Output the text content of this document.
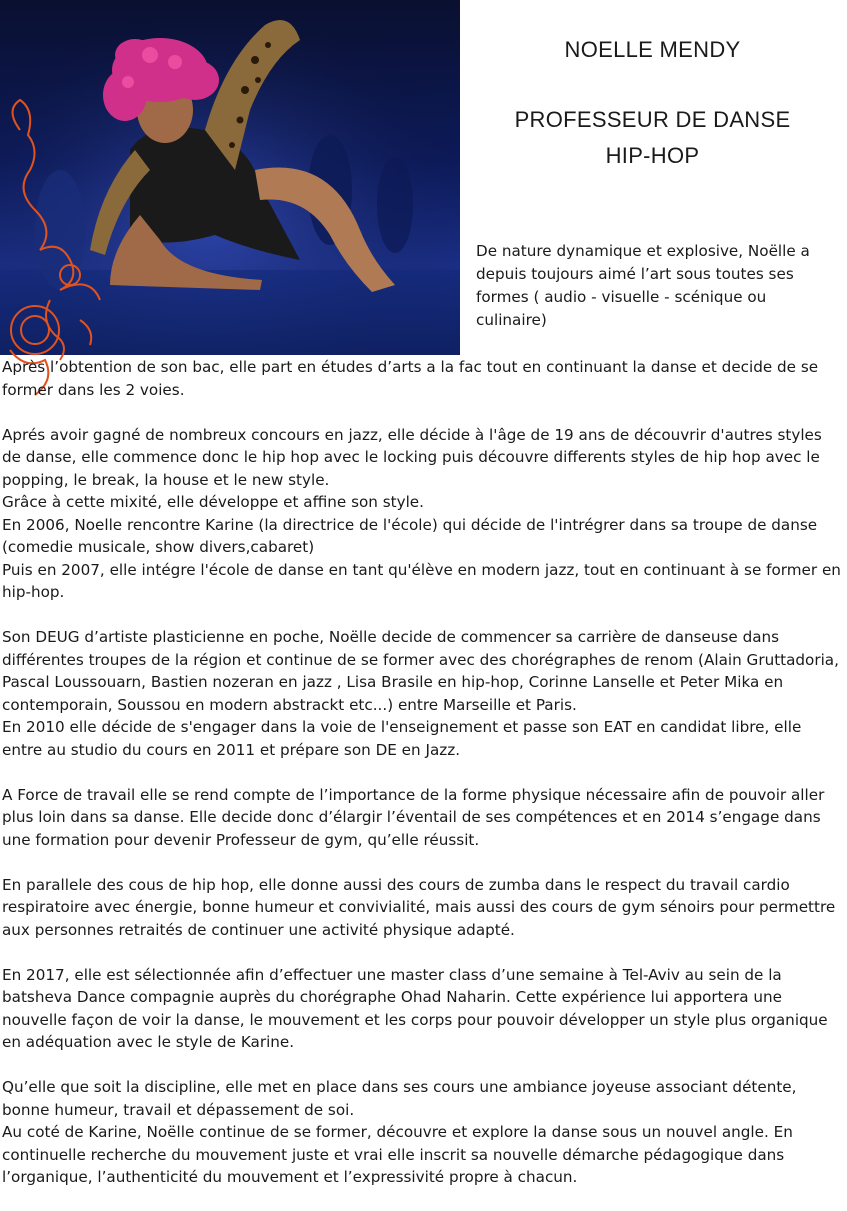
NOELLE MENDY
PROFESSEUR DE DANSE
HIP-HOP

De nature dynamique et explosive, Noëlle a depuis toujours aimé l’art sous toutes ses formes ( audio - visuelle - scénique ou culinaire)

Après l’obtention de son bac, elle part en études d’arts a la fac tout en continuant la danse et decide de se former dans les 2 voies.

Aprés avoir gagné de nombreux concours en jazz, elle décide à l'âge de 19 ans de découvrir d'autres styles de danse, elle commence donc le hip hop avec le locking puis découvre differents styles de hip hop avec le popping, le break, la house et le new style.
Grâce à cette mixité, elle développe et affine son style.
En 2006, Noelle rencontre Karine (la directrice de l'école) qui décide de l'intrégrer dans sa troupe de danse (comedie musicale, show divers,cabaret)
Puis en 2007, elle intégre l'école de danse en tant qu'élève en modern jazz, tout en continuant à se former en hip-hop.

Son DEUG d’artiste plasticienne en poche, Noëlle decide de commencer sa carrière de danseuse dans différentes troupes de la région et continue de se former avec des chorégraphes de renom (Alain Gruttadoria, Pascal Loussouarn, Bastien nozeran en jazz , Lisa Brasile en hip-hop, Corinne Lanselle et Peter Mika en contemporain, Soussou en modern abstrackt etc...) entre Marseille et Paris.
En 2010 elle décide de s'engager dans la voie de l'enseignement et passe son EAT en candidat libre, elle entre au studio du cours en 2011 et prépare son DE en Jazz.

A Force de travail elle se rend compte de l’importance de la forme physique nécessaire afin de pouvoir aller plus loin dans sa danse. Elle decide donc d’élargir l’éventail de ses compétences et en 2014 s’engage dans une formation pour devenir Professeur de gym, qu’elle réussit.

En parallele des cous de hip hop, elle donne aussi des cours de zumba dans le respect du travail cardio respiratoire avec énergie, bonne humeur et convivialité, mais aussi des cours de gym sénoirs pour permettre aux personnes retraités de continuer une activité physique adapté.

En 2017, elle est sélectionnée afin d’effectuer une master class d’une semaine à Tel-Aviv au sein de la batsheva Dance compagnie auprès du chorégraphe Ohad Naharin. Cette expérience lui apportera une nouvelle façon de voir la danse, le mouvement et les corps pour pouvoir développer un style plus organique en adéquation avec le style de Karine.

Qu’elle que soit la discipline, elle met en place dans ses cours une ambiance joyeuse associant détente, bonne humeur, travail et dépassement de soi.
Au coté de Karine, Noëlle continue de se former, découvre et explore la danse sous un nouvel angle. En continuelle recherche du mouvement juste et vrai elle inscrit sa nouvelle démarche pédagogique dans l’organique, l’authenticité du mouvement et l’expressivité propre à chacun.
